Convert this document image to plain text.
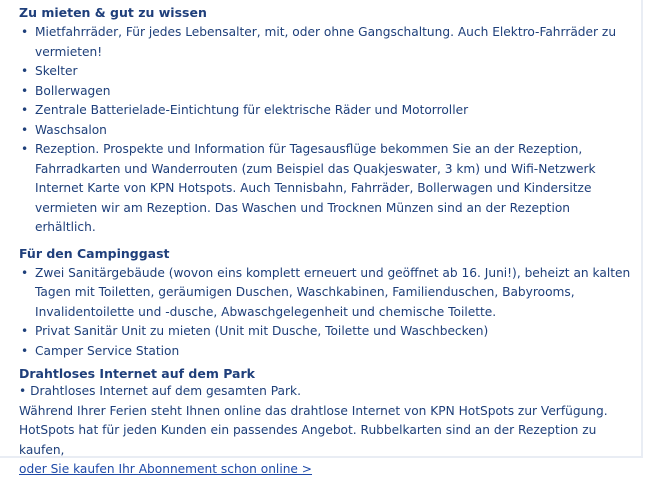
Zu mieten & gut zu wissen
• Mietfahrräder, Für jedes Lebensalter, mit, oder ohne Gangschaltung. Auch Elektro-Fahrräder zu vermieten!
• Skelter
• Bollerwagen
• Zentrale Batterielade-Eintichtung für elektrische Räder und Motorroller
• Waschsalon
• Rezeption. Prospekte und Information für Tagesausflüge bekommen Sie an der Rezeption, Fahrradkarten und Wanderrouten (zum Beispiel das Quakjeswater, 3 km) und Wifi-Netzwerk Internet Karte von KPN Hotspots. Auch Tennisbahn, Fahrräder, Bollerwagen und Kindersitze vermieten wir am Rezeption. Das Waschen und Trocknen Münzen sind an der Rezeption erhältlich.
Für den Campinggast
• Zwei Sanitärgebäude (wovon eins komplett erneuert und geöffnet ab 16. Juni!), beheizt an kalten Tagen mit Toiletten, geräumigen Duschen, Waschkabinen, Familienduschen, Babyrooms, Invalidentoilette und -dusche, Abwaschgelegenheit und chemische Toilette.
• Privat Sanitär Unit zu mieten (Unit mit Dusche, Toilette und Waschbecken)
• Camper Service Station
Drahtloses Internet auf dem Park

• Drahtloses Internet auf dem gesamten Park.

Während Ihrer Ferien steht Ihnen online das drahtlose Internet von KPN HotSpots zur Verfügung.

HotSpots hat für jeden Kunden ein passendes Angebot. Rubbelkarten sind an der Rezeption zu kaufen,

oder Sie kaufen Ihr Abonnement schon online >
